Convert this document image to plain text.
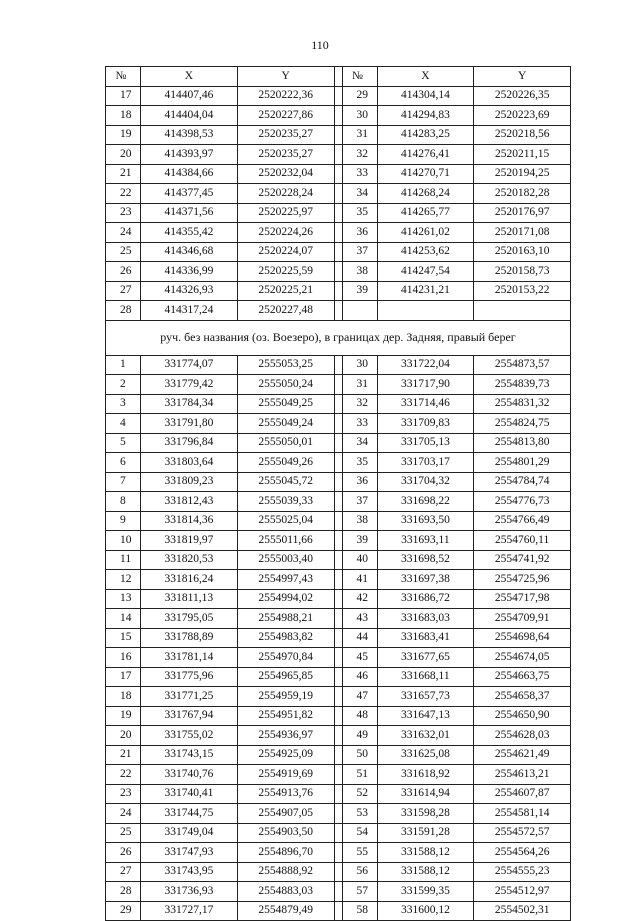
110
№	X	Y		№	X	Y
17	414407,46	2520222,36		29	414304,14	2520226,35
18	414404,04	2520227,86		30	414294,83	2520223,69
19	414398,53	2520235,27		31	414283,25	2520218,56
20	414393,97	2520235,27		32	414276,41	2520211,15
21	414384,66	2520232,04		33	414270,71	2520194,25
22	414377,45	2520228,24		34	414268,24	2520182,28
23	414371,56	2520225,97		35	414265,77	2520176,97
24	414355,42	2520224,26		36	414261,02	2520171,08
25	414346,68	2520224,07		37	414253,62	2520163,10
26	414336,99	2520225,59		38	414247,54	2520158,73
27	414326,93	2520225,21		39	414231,21	2520153,22
28	414317,24	2520227,48				
руч. без названия (оз. Воезеро), в границах дер. Задняя, правый берег						
1	331774,07	2555053,25		30	331722,04	2554873,57
2	331779,42	2555050,24		31	331717,90	2554839,73
3	331784,34	2555049,25		32	331714,46	2554831,32
4	331791,80	2555049,24		33	331709,83	2554824,75
5	331796,84	2555050,01		34	331705,13	2554813,80
6	331803,64	2555049,26		35	331703,17	2554801,29
7	331809,23	2555045,72		36	331704,32	2554784,74
8	331812,43	2555039,33		37	331698,22	2554776,73
9	331814,36	2555025,04		38	331693,50	2554766,49
10	331819,97	2555011,66		39	331693,11	2554760,11
11	331820,53	2555003,40		40	331698,52	2554741,92
12	331816,24	2554997,43		41	331697,38	2554725,96
13	331811,13	2554994,02		42	331686,72	2554717,98
14	331795,05	2554988,21		43	331683,03	2554709,91
15	331788,89	2554983,82		44	331683,41	2554698,64
16	331781,14	2554970,84		45	331677,65	2554674,05
17	331775,96	2554965,85		46	331668,11	2554663,75
18	331771,25	2554959,19		47	331657,73	2554658,37
19	331767,94	2554951,82		48	331647,13	2554650,90
20	331755,02	2554936,97		49	331632,01	2554628,03
21	331743,15	2554925,09		50	331625,08	2554621,49
22	331740,76	2554919,69		51	331618,92	2554613,21
23	331740,41	2554913,76		52	331614,94	2554607,87
24	331744,75	2554907,05		53	331598,28	2554581,14
25	331749,04	2554903,50		54	331591,28	2554572,57
26	331747,93	2554896,70		55	331588,12	2554564,26
27	331743,95	2554888,92		56	331588,12	2554555,23
28	331736,93	2554883,03		57	331599,35	2554512,97
29	331727,17	2554879,49		58	331600,12	2554502,31
